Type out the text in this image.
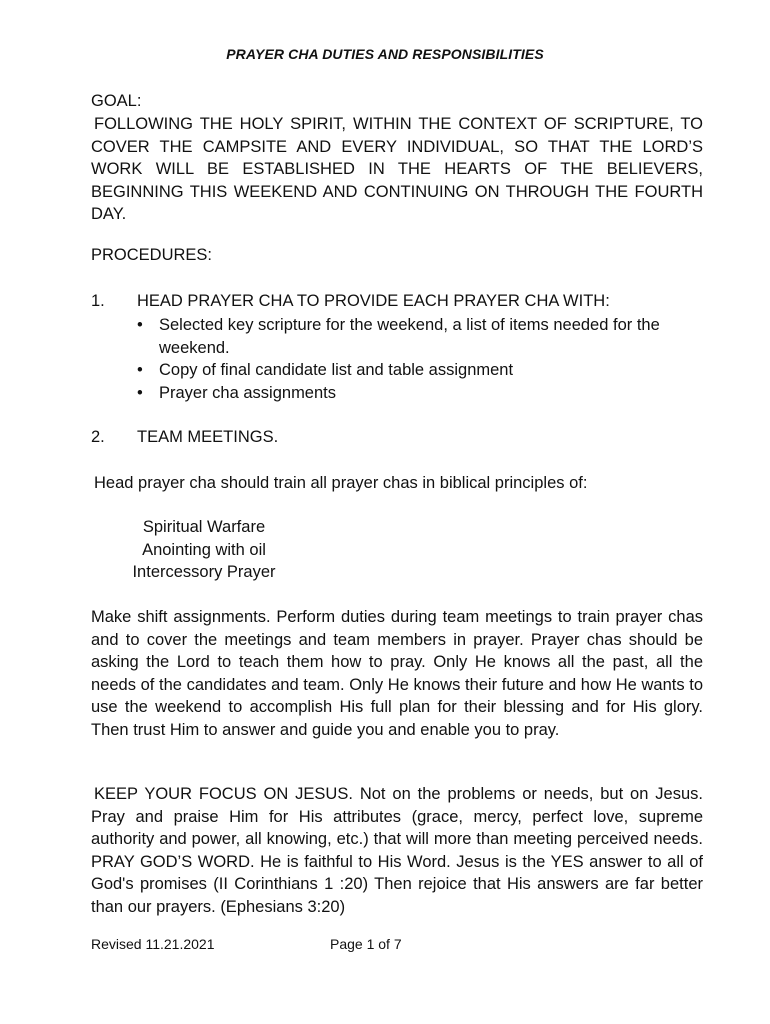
PRAYER CHA DUTIES AND RESPONSIBILITIES
GOAL:
FOLLOWING THE HOLY SPIRIT, WITHIN THE CONTEXT OF SCRIPTURE, TO COVER THE CAMPSITE AND EVERY INDIVIDUAL, SO THAT THE LORD’S WORK WILL BE ESTABLISHED IN THE HEARTS OF THE BELIEVERS, BEGINNING THIS WEEKEND AND CONTINUING ON THROUGH THE FOURTH DAY.
PROCEDURES:
1. HEAD PRAYER CHA TO PROVIDE EACH PRAYER CHA WITH:
• Selected key scripture for the weekend, a list of items needed for the weekend.
• Copy of final candidate list and table assignment
• Prayer cha assignments
2. TEAM MEETINGS.
Head prayer cha should train all prayer chas in biblical principles of:
Spiritual Warfare
Anointing with oil
Intercessory Prayer
Make shift assignments. Perform duties during team meetings to train prayer chas and to cover the meetings and team members in prayer. Prayer chas should be asking the Lord to teach them how to pray. Only He knows all the past, all the needs of the candidates and team. Only He knows their future and how He wants to use the weekend to accomplish His full plan for their blessing and for His glory. Then trust Him to answer and guide you and enable you to pray.
KEEP YOUR FOCUS ON JESUS. Not on the problems or needs, but on Jesus. Pray and praise Him for His attributes (grace, mercy, perfect love, supreme authority and power, all knowing, etc.) that will more than meeting perceived needs. PRAY GOD’S WORD. He is faithful to His Word. Jesus is the YES answer to all of God's promises (II Corinthians 1 :20) Then rejoice that His answers are far better than our prayers. (Ephesians 3:20)
Revised 11.21.2021	Page 1 of 7
